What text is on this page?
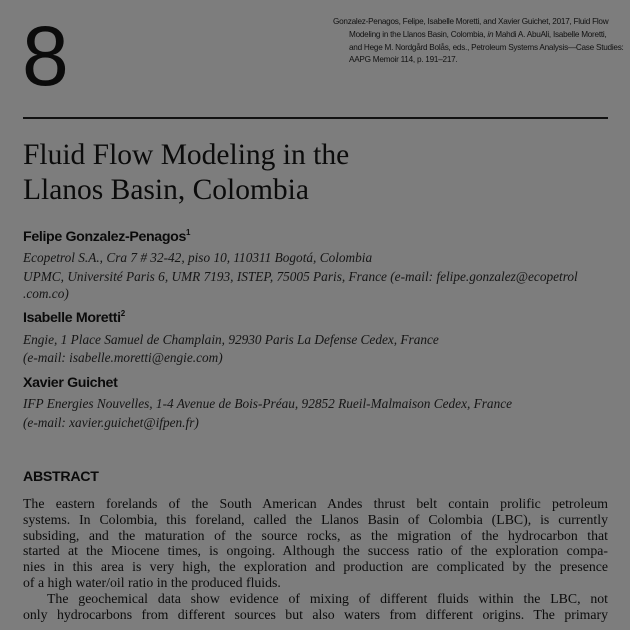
8	Gonzalez-Penagos, Felipe, Isabelle Moretti, and Xavier Guichet, 2017, Fluid Flow
Modeling in the Llanos Basin, Colombia, in Mahdi A. AbuAli, Isabelle Moretti,
and Hege M. Nordgård Bolås, eds., Petroleum Systems Analysis—Case Studies:
AAPG Memoir 114, p. 191–217.
Fluid Flow Modeling in the
Llanos Basin, Colombia
Felipe Gonzalez-Penagos$^1$
Ecopetrol S.A., Cra 7 # 32-42, piso 10, 110311 Bogotá, Colombia
UPMC, Université Paris 6, UMR 7193, ISTEP, 75005 Paris, France (e-mail: felipe.gonzalez@ecopetrol
.com.co)
Isabelle Moretti$^2$
Engie, 1 Place Samuel de Champlain, 92930 Paris La Defense Cedex, France
(e-mail: isabelle.moretti@engie.com)
Xavier Guichet
IFP Energies Nouvelles, 1-4 Avenue de Bois-Préau, 92852 Rueil-Malmaison Cedex, France
(e-mail: xavier.guichet@ifpen.fr)
ABSTRACT
The eastern forelands of the South American Andes thrust belt contain prolific petroleum
systems. In Colombia, this foreland, called the Llanos Basin of Colombia (LBC), is currently
subsiding, and the maturation of the source rocks, as the migration of the hydrocarbon that
started at the Miocene times, is ongoing. Although the success ratio of the exploration compa-
nies in this area is very high, the exploration and production are complicated by the presence
of a high water/oil ratio in the produced fluids.
The geochemical data show evidence of mixing of different fluids within the LBC, not
only hydrocarbons from different sources but also waters from different origins. The primary
